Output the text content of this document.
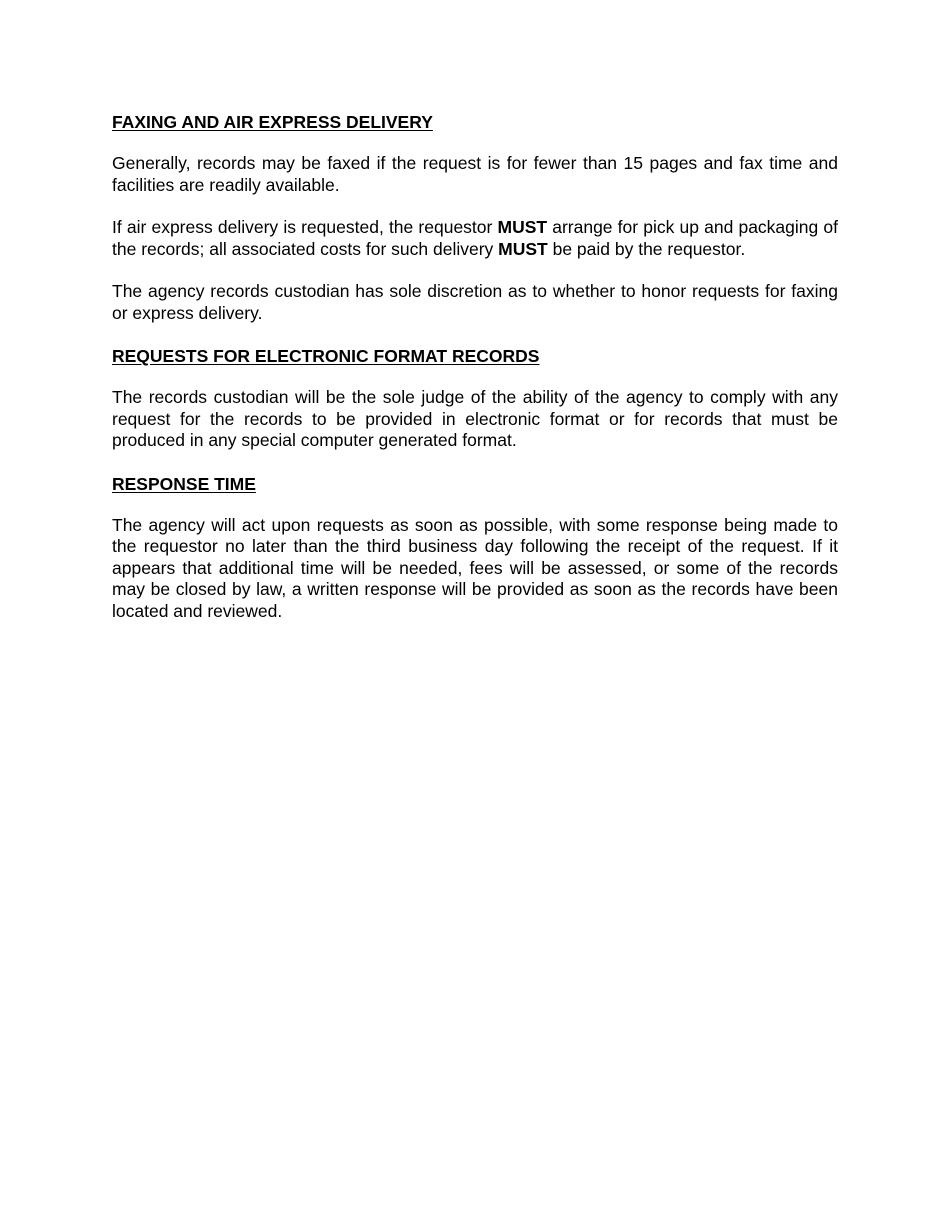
FAXING AND AIR EXPRESS DELIVERY

Generally, records may be faxed if the request is for fewer than 15 pages and fax time and facilities are readily available.

If air express delivery is requested, the requestor MUST arrange for pick up and packaging of the records; all associated costs for such delivery MUST be paid by the requestor.

The agency records custodian has sole discretion as to whether to honor requests for faxing or express delivery.

REQUESTS FOR ELECTRONIC FORMAT RECORDS

The records custodian will be the sole judge of the ability of the agency to comply with any request for the records to be provided in electronic format or for records that must be produced in any special computer generated format.

RESPONSE TIME

The agency will act upon requests as soon as possible, with some response being made to the requestor no later than the third business day following the receipt of the request. If it appears that additional time will be needed, fees will be assessed, or some of the records may be closed by law, a written response will be provided as soon as the records have been located and reviewed.
